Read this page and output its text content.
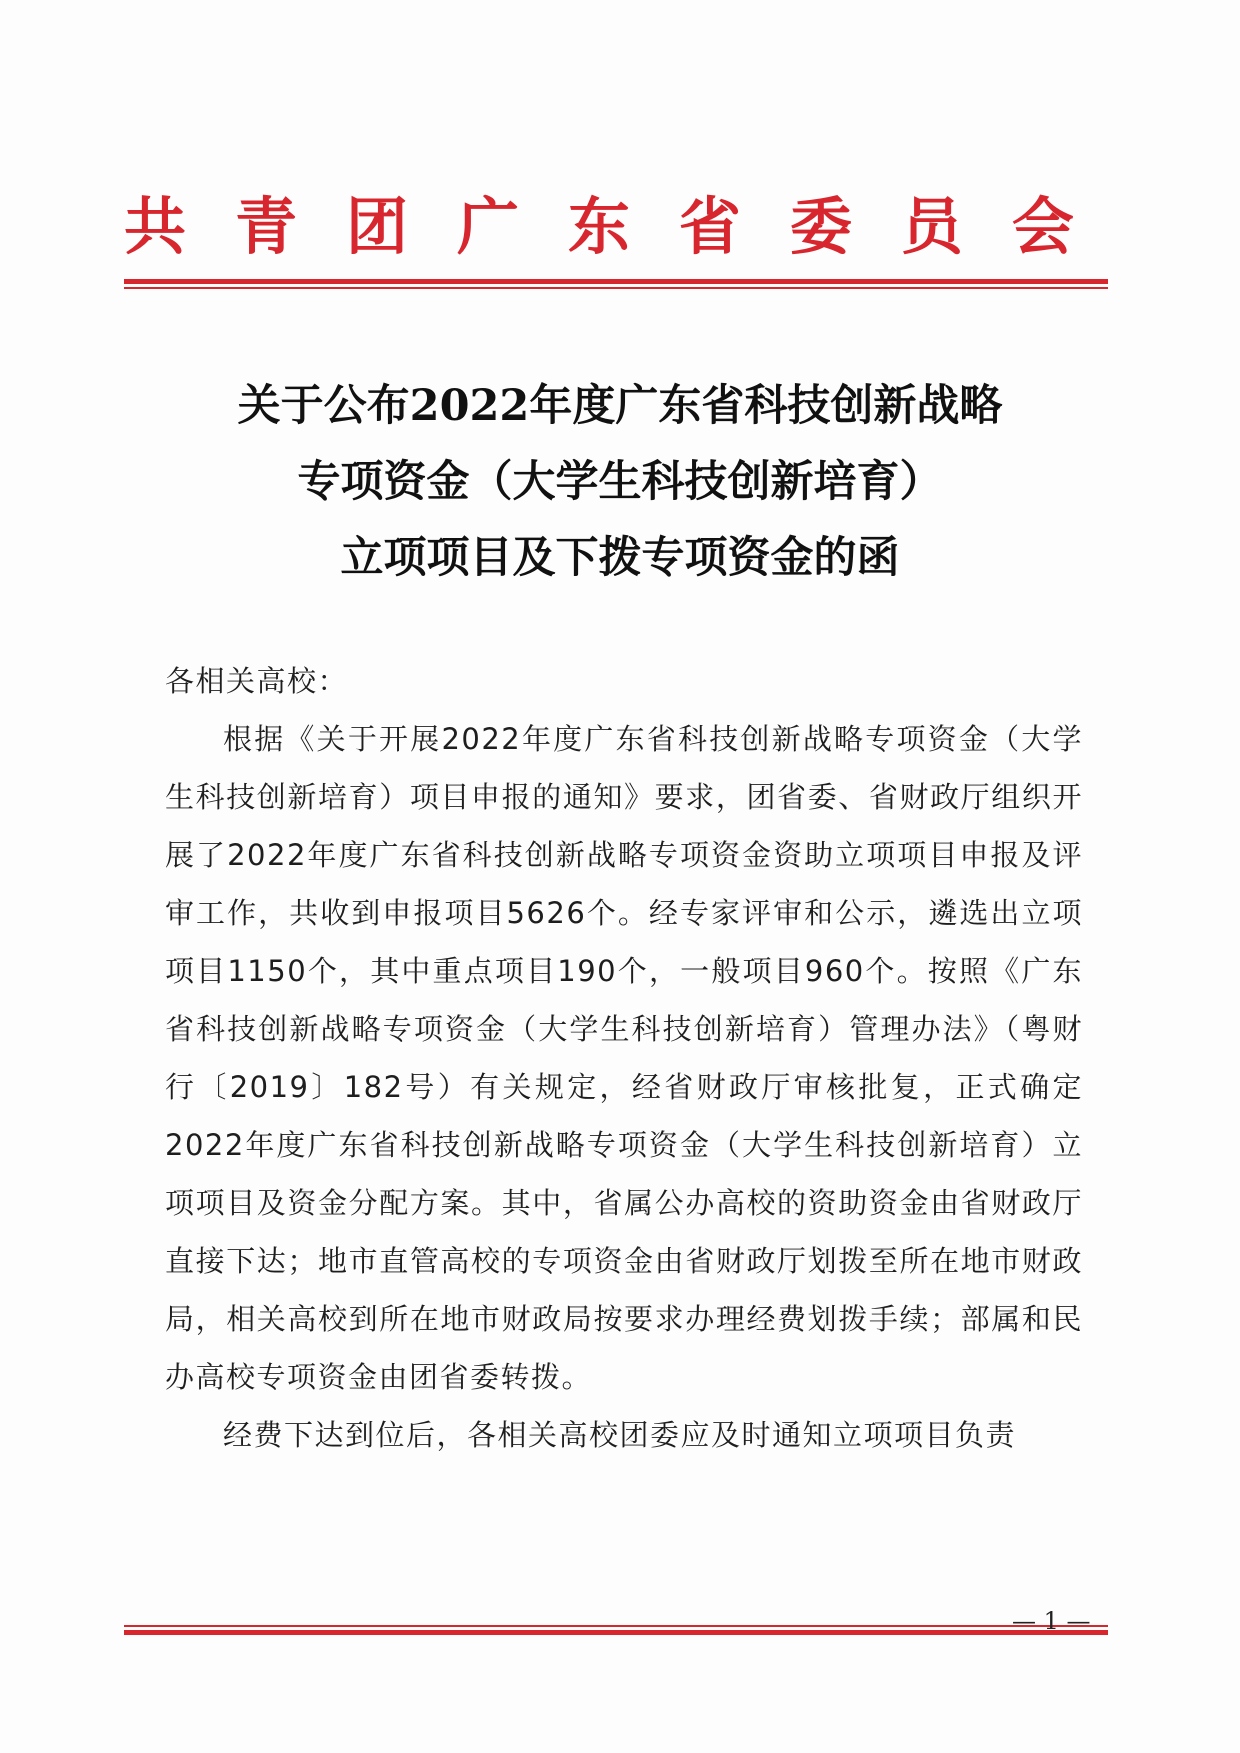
共 青 团 广 东 省 委 员 会
关于公布2022年度广东省科技创新战略
专项资金（大学生科技创新培育）
立项项目及下拨专项资金的函

各相关高校：

根据《关于开展2022年度广东省科技创新战略专项资金（大学生科技创新培育）项目申报的通知》要求，团省委、省财政厅组织开展了2022年度广东省科技创新战略专项资金资助立项项目申报及评审工作，共收到申报项目5626个。经专家评审和公示，遴选出立项项目1150个，其中重点项目190个，一般项目960个。按照《广东省科技创新战略专项资金（大学生科技创新培育）管理办法》（粤财行〔2019〕182号）有关规定，经省财政厅审核批复，正式确定2022年度广东省科技创新战略专项资金（大学生科技创新培育）立项项目及资金分配方案。其中，省属公办高校的资助资金由省财政厅直接下达；地市直管高校的专项资金由省财政厅划拨至所在地市财政局，相关高校到所在地市财政局按要求办理经费划拨手续；部属和民办高校专项资金由团省委转拨。

经费下达到位后，各相关高校团委应及时通知立项项目负责

— 1 —
